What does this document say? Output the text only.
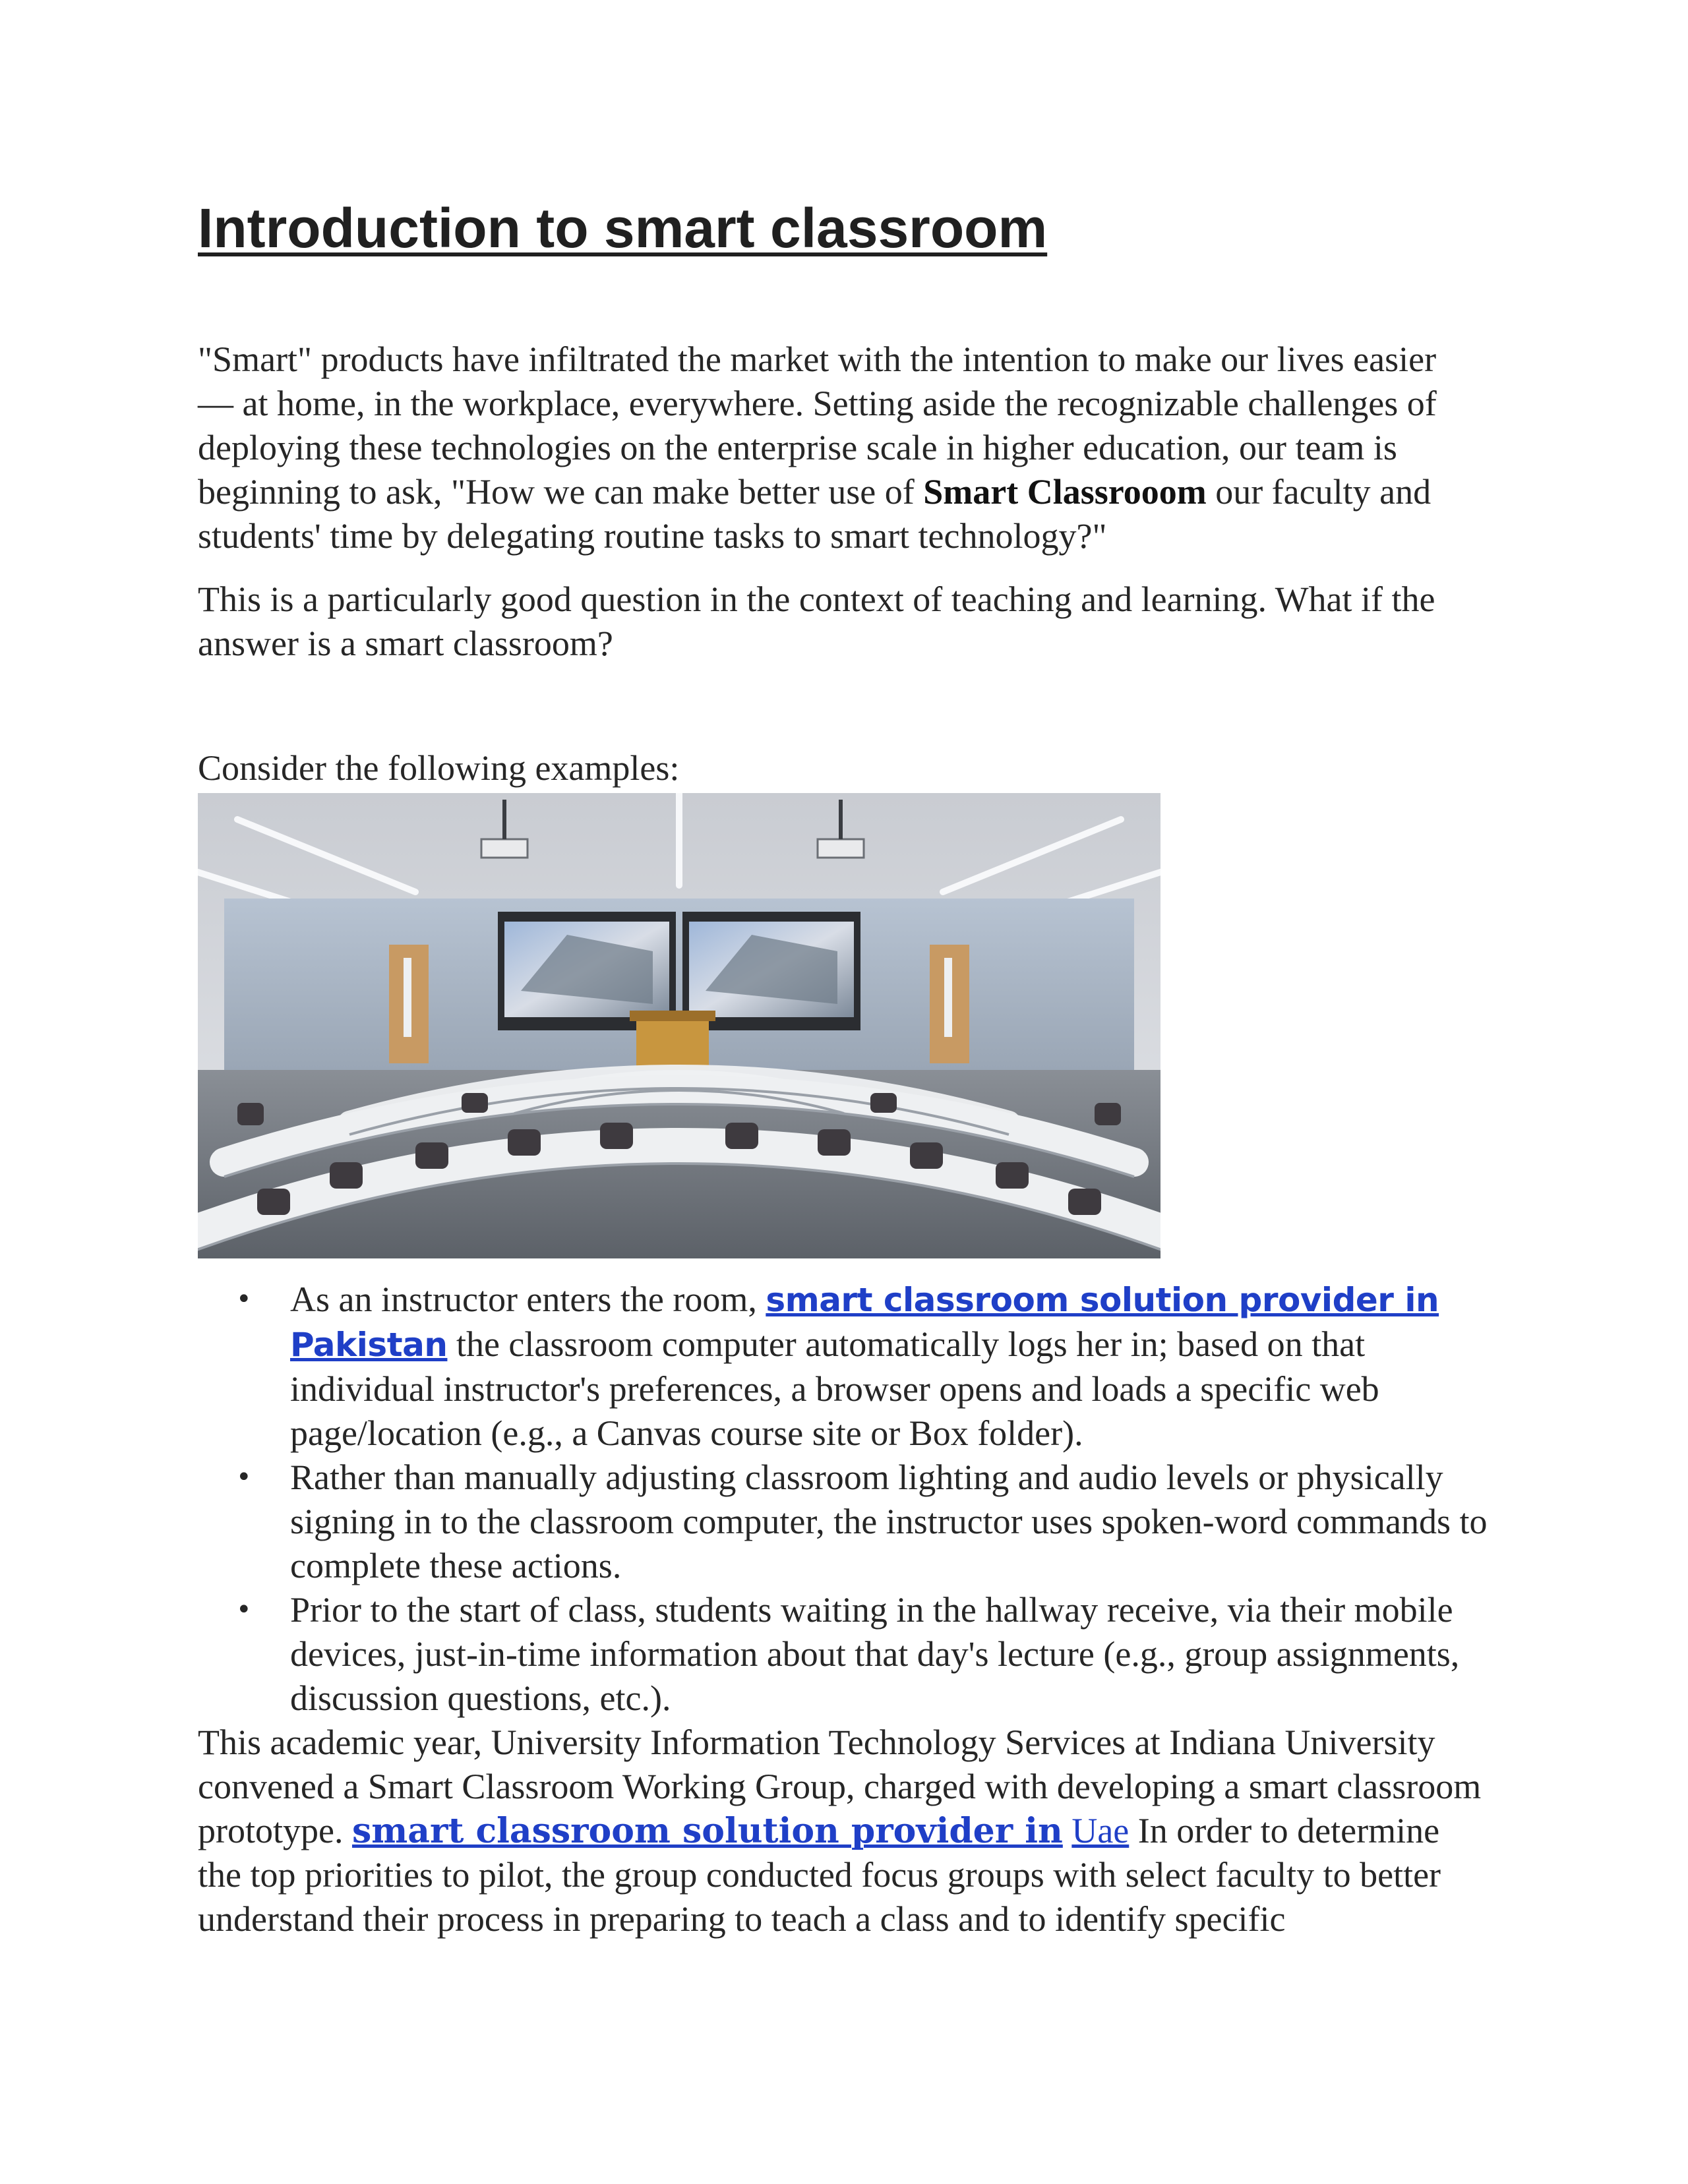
Introduction to smart classroom

"Smart" products have infiltrated the market with the intention to make our lives easier — at home, in the workplace, everywhere. Setting aside the recognizable challenges of deploying these technologies on the enterprise scale in higher education, our team is beginning to ask, "How we can make better use of Smart Classrooom our faculty and students' time by delegating routine tasks to smart technology?"

This is a particularly good question in the context of teaching and learning. What if the answer is a smart classroom?

Consider the following examples:

• As an instructor enters the room, smart classroom solution provider in Pakistan the classroom computer automatically logs her in; based on that individual instructor's preferences, a browser opens and loads a specific web page/location (e.g., a Canvas course site or Box folder).
• Rather than manually adjusting classroom lighting and audio levels or physically signing in to the classroom computer, the instructor uses spoken-word commands to complete these actions.
• Prior to the start of class, students waiting in the hallway receive, via their mobile devices, just-in-time information about that day's lecture (e.g., group assignments, discussion questions, etc.).

This academic year, University Information Technology Services at Indiana University convened a Smart Classroom Working Group, charged with developing a smart classroom prototype. smart classroom solution provider in Uae In order to determine the top priorities to pilot, the group conducted focus groups with select faculty to better understand their process in preparing to teach a class and to identify specific
